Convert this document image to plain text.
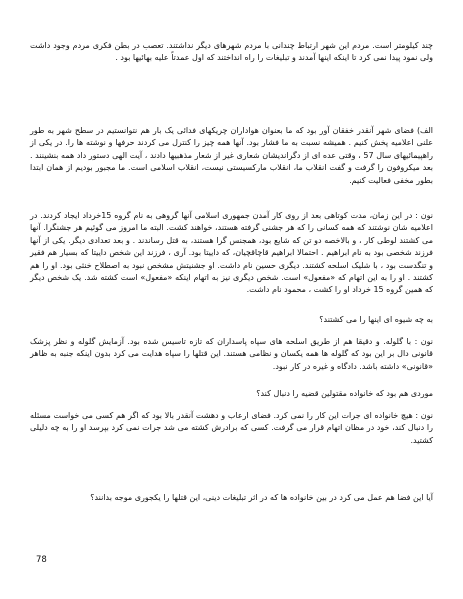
چند کیلومتر است. مردم این شهر ارتباط چندانی با مردم شهرهای دیگر نداشتند. تعصب در بطن فکری مردم وجود داشت ولی نمود پیدا نمی کرد تا اینکه اینها آمدند و تبلیغات را راه انداختند که اول عمدتاً علیه بهائیها بود .

الف) فضای شهر آنقدر خفقان آور بود که ما بعنوان هواداران چریکهای فدائی یک بار هم نتوانستیم در سطح شهر به طور علنی اعلامیه پخش کنیم . همیشه نسبت به ما فشار بود. آنها همه چیز را کنترل می کردند حرفها و نوشته ها را. در یکی از راهپیمائیهای سال 57 ، وقتی عده ای از دگراندیشان شعاری غیر از شعار مذهبیها دادند ، آیت الهی دستور داد همه بنشینند . بعد میکروفون را گرفت و گفت انقلاب ما، انقلاب مارکسیستی نیست، انقلاب اسلامی است. ما مجبور بودیم از همان ابتدا بطور مخفی فعالیت کنیم.

نون : در این زمان، مدت کوتاهی بعد از روی کار آمدن جمهوری اسلامی آنها گروهی به نام گروه 15خرداد ایجاد کردند. در اعلامیه شان نوشتند که همه کسانی را که هر جشنی گرفته هستند، خواهند کشت. البته ما امروز می گوئیم هر جشنگرا. آنها می کشتند لوطی کار ، و بالاخصه دو تن که شایع بود، همجنس گرا هستند، به قتل رساندند . و بعد تعدادی دیگر. یکی از آنها فرزند شخصی بود به نام ابراهیم . احتمالا ابراهیم قاچاقچیان، که داییتا بود. آری ، فرزند این شخص داییتا که بسیار هم فقیر و تنگدست بود ، با شلیک اسلحه کشتند. دیگری حسین نام داشت. او جشنیتش مشخص نبود به اصطلاح خنثی بود. او را هم کشتند . او را به این اتهام که «مفعول» است. شخص دیگری نیز به اتهام اینکه «مفعول» است کشته شد. یک شخص دیگر که همین گروه 15 خرداد او را کشت ، محمود نام داشت.

به چه شیوه ای اینها را می کشتند؟

نون : با گلوله. و دقیقا هم از طریق اسلحه های سپاه پاسداران که تازه تاسیس شده بود. آزمایش گلوله و نظر پزشک قانونی دال بر این بود که گلوله ها همه یکسان و نظامی هستند. این قتلها را سپاه هدایت می کرد بدون اینکه جنبه به ظاهر «قانونی» داشته باشد. دادگاه و غیره در کار نبود.

موردی هم بود که خانواده مقتولین قضیه را دنبال کند؟

نون : هیچ خانواده ای جرات این کار را نمی کرد. فضای ارعاب و دهشت آنقدر بالا بود که اگر هم کسی می خواست مسئله را دنبال کند، خود در مظان اتهام قرار می گرفت. کسی که برادرش کشته می شد جرات نمی کرد بپرسد او را به چه دلیلی کشتید.

آیا این فضا هم عمل می کرد در بین خانواده ها که در اثر تبلیغات دینی، این قتلها را یکجوری موجه بدانند؟

78
